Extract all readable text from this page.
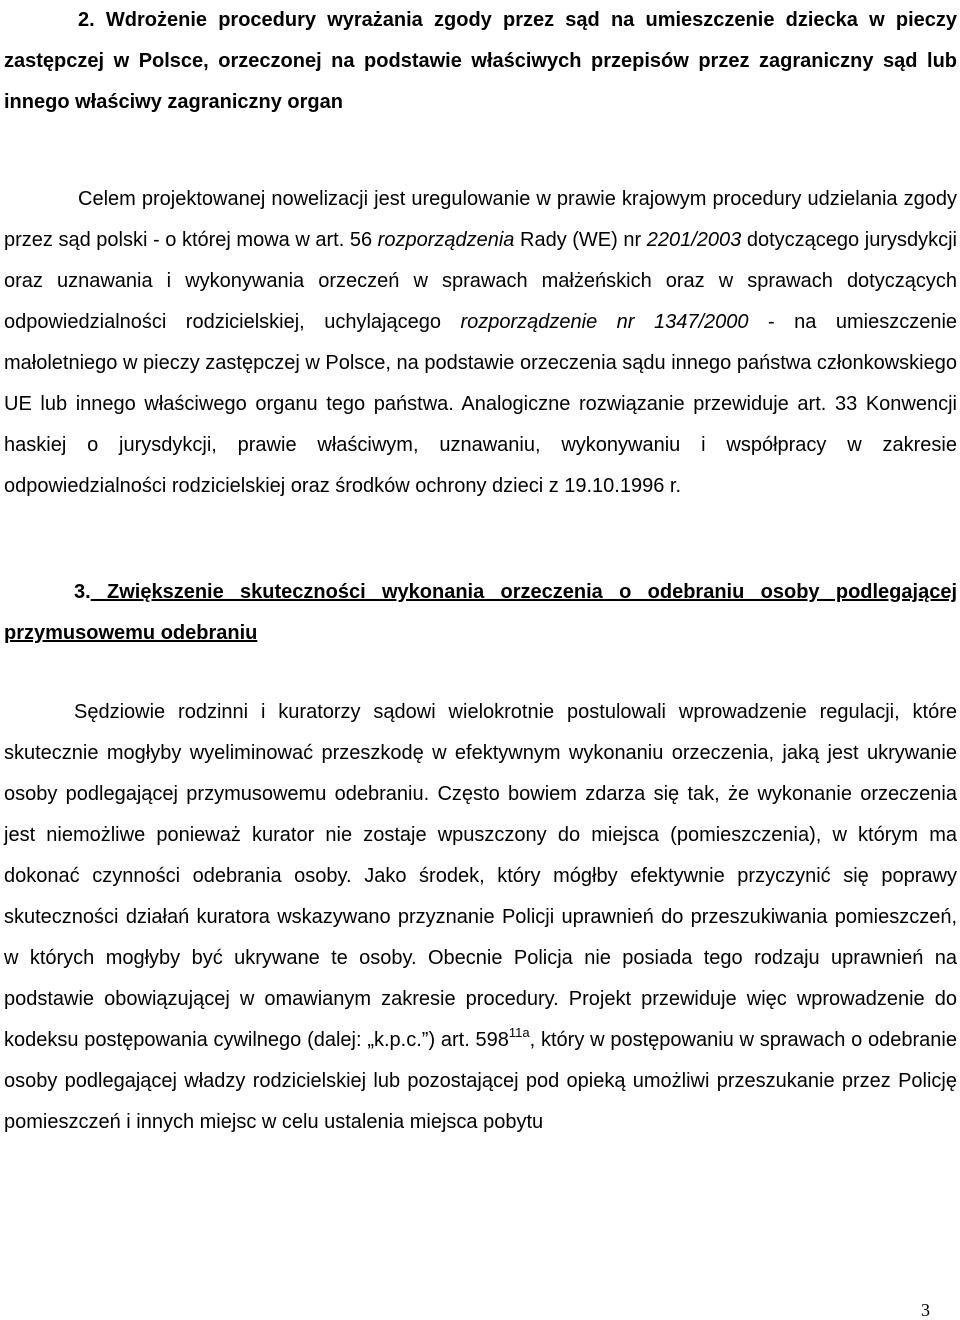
2. Wdrożenie procedury wyrażania zgody przez sąd na umieszczenie dziecka w pieczy zastępczej w Polsce, orzeczonej na podstawie właściwych przepisów przez zagraniczny sąd lub innego właściwy zagraniczny organ

Celem projektowanej nowelizacji jest uregulowanie w prawie krajowym procedury udzielania zgody przez sąd polski - o której mowa w art. 56 rozporządzenia Rady (WE) nr 2201/2003 dotyczącego jurysdykcji oraz uznawania i wykonywania orzeczeń w sprawach małżeńskich oraz w sprawach dotyczących odpowiedzialności rodzicielskiej, uchylającego rozporządzenie nr 1347/2000 - na umieszczenie małoletniego w pieczy zastępczej w Polsce, na podstawie orzeczenia sądu innego państwa członkowskiego UE lub innego właściwego organu tego państwa. Analogiczne rozwiązanie przewiduje art. 33 Konwencji haskiej o jurysdykcji, prawie właściwym, uznawaniu, wykonywaniu i współpracy w zakresie odpowiedzialności rodzicielskiej oraz środków ochrony dzieci z 19.10.1996 r.

3. Zwiększenie skuteczności wykonania orzeczenia o odebraniu osoby podlegającej przymusowemu odebraniu

Sędziowie rodzinni i kuratorzy sądowi wielokrotnie postulowali wprowadzenie regulacji, które skutecznie mogłyby wyeliminować przeszkodę w efektywnym wykonaniu orzeczenia, jaką jest ukrywanie osoby podlegającej przymusowemu odebraniu. Często bowiem zdarza się tak, że wykonanie orzeczenia jest niemożliwe ponieważ kurator nie zostaje wpuszczony do miejsca (pomieszczenia), w którym ma dokonać czynności odebrania osoby. Jako środek, który mógłby efektywnie przyczynić się poprawy skuteczności działań kuratora wskazywano przyznanie Policji uprawnień do przeszukiwania pomieszczeń, w których mogłyby być ukrywane te osoby. Obecnie Policja nie posiada tego rodzaju uprawnień na podstawie obowiązującej w omawianym zakresie procedury. Projekt przewiduje więc wprowadzenie do kodeksu postępowania cywilnego (dalej: „k.p.c.”) art. $598^{11a}$, który w postępowaniu w sprawach o odebranie osoby podlegającej władzy rodzicielskiej lub pozostającej pod opieką umożliwi przeszukanie przez Policję pomieszczeń i innych miejsc w celu ustalenia miejsca pobytu

3
